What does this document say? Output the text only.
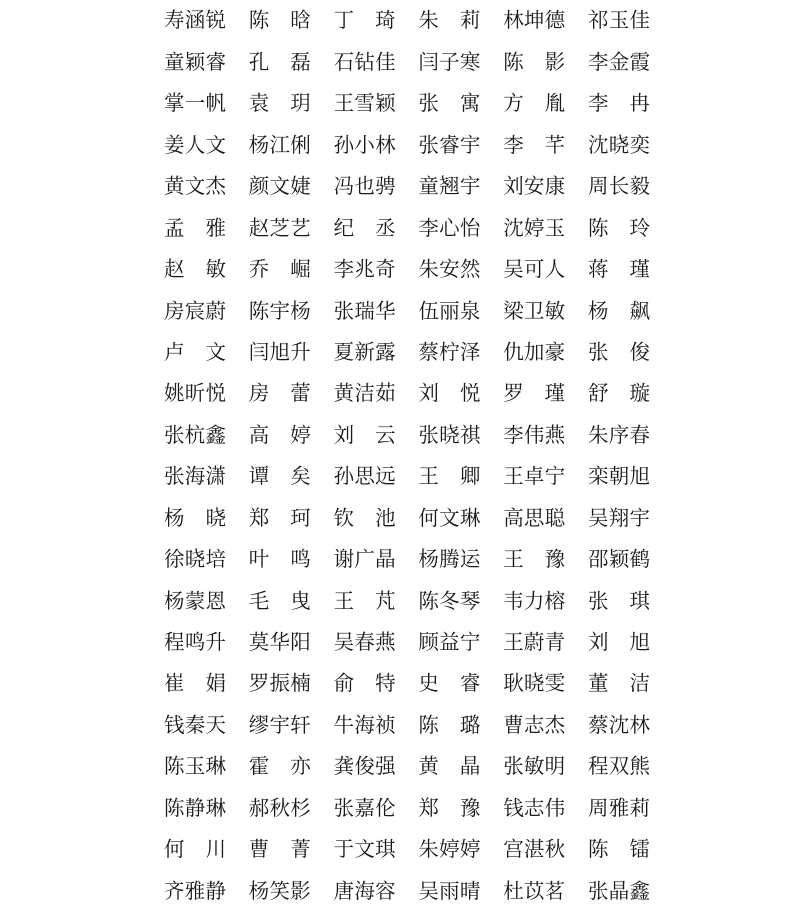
寿涵锐 陈 晗 丁 琦 朱 莉 林坤德 祁玉佳
童颖睿 孔 磊 石钻佳 闫子寒 陈 影 李金霞
掌一帆 袁 玥 王雪颖 张 寓 方 胤 李 冉
姜人文 杨江俐 孙小林 张睿宇 李 芊 沈晓奕
黄文杰 颜文婕 冯也骋 童翘宇 刘安康 周长毅
孟 雅 赵芝艺 纪 丞 李心怡 沈婷玉 陈 玲
赵 敏 乔 崛 李兆奇 朱安然 吴可人 蒋 瑾
房宸蔚 陈宇杨 张瑞华 伍丽泉 梁卫敏 杨 飙
卢 文 闫旭升 夏新露 蔡柠泽 仇加豪 张 俊
姚昕悦 房 蕾 黄洁茹 刘 悦 罗 瑾 舒 璇
张杭鑫 高 婷 刘 云 张晓祺 李伟燕 朱序春
张海潇 谭 矣 孙思远 王 卿 王卓宁 栾朝旭
杨 晓 郑 珂 钦 池 何文琳 高思聪 吴翔宇
徐晓培 叶 鸣 谢广晶 杨腾运 王 豫 邵颖鹤
杨蒙恩 毛 曳 王 芃 陈冬琴 韦力榕 张 琪
程鸣升 莫华阳 吴春燕 顾益宁 王蔚青 刘 旭
崔 娟 罗振楠 俞 特 史 睿 耿晓雯 董 洁
钱秦天 缪宇轩 牛海祯 陈 璐 曹志杰 蔡沈林
陈玉琳 霍 亦 龚俊强 黄 晶 张敏明 程双熊
陈静琳 郝秋杉 张嘉伦 郑 豫 钱志伟 周雅莉
何 川 曹 菁 于文琪 朱婷婷 宫湛秋 陈 镭
齐雅静 杨笑影 唐海容 吴雨晴 杜苡茗 张晶鑫
